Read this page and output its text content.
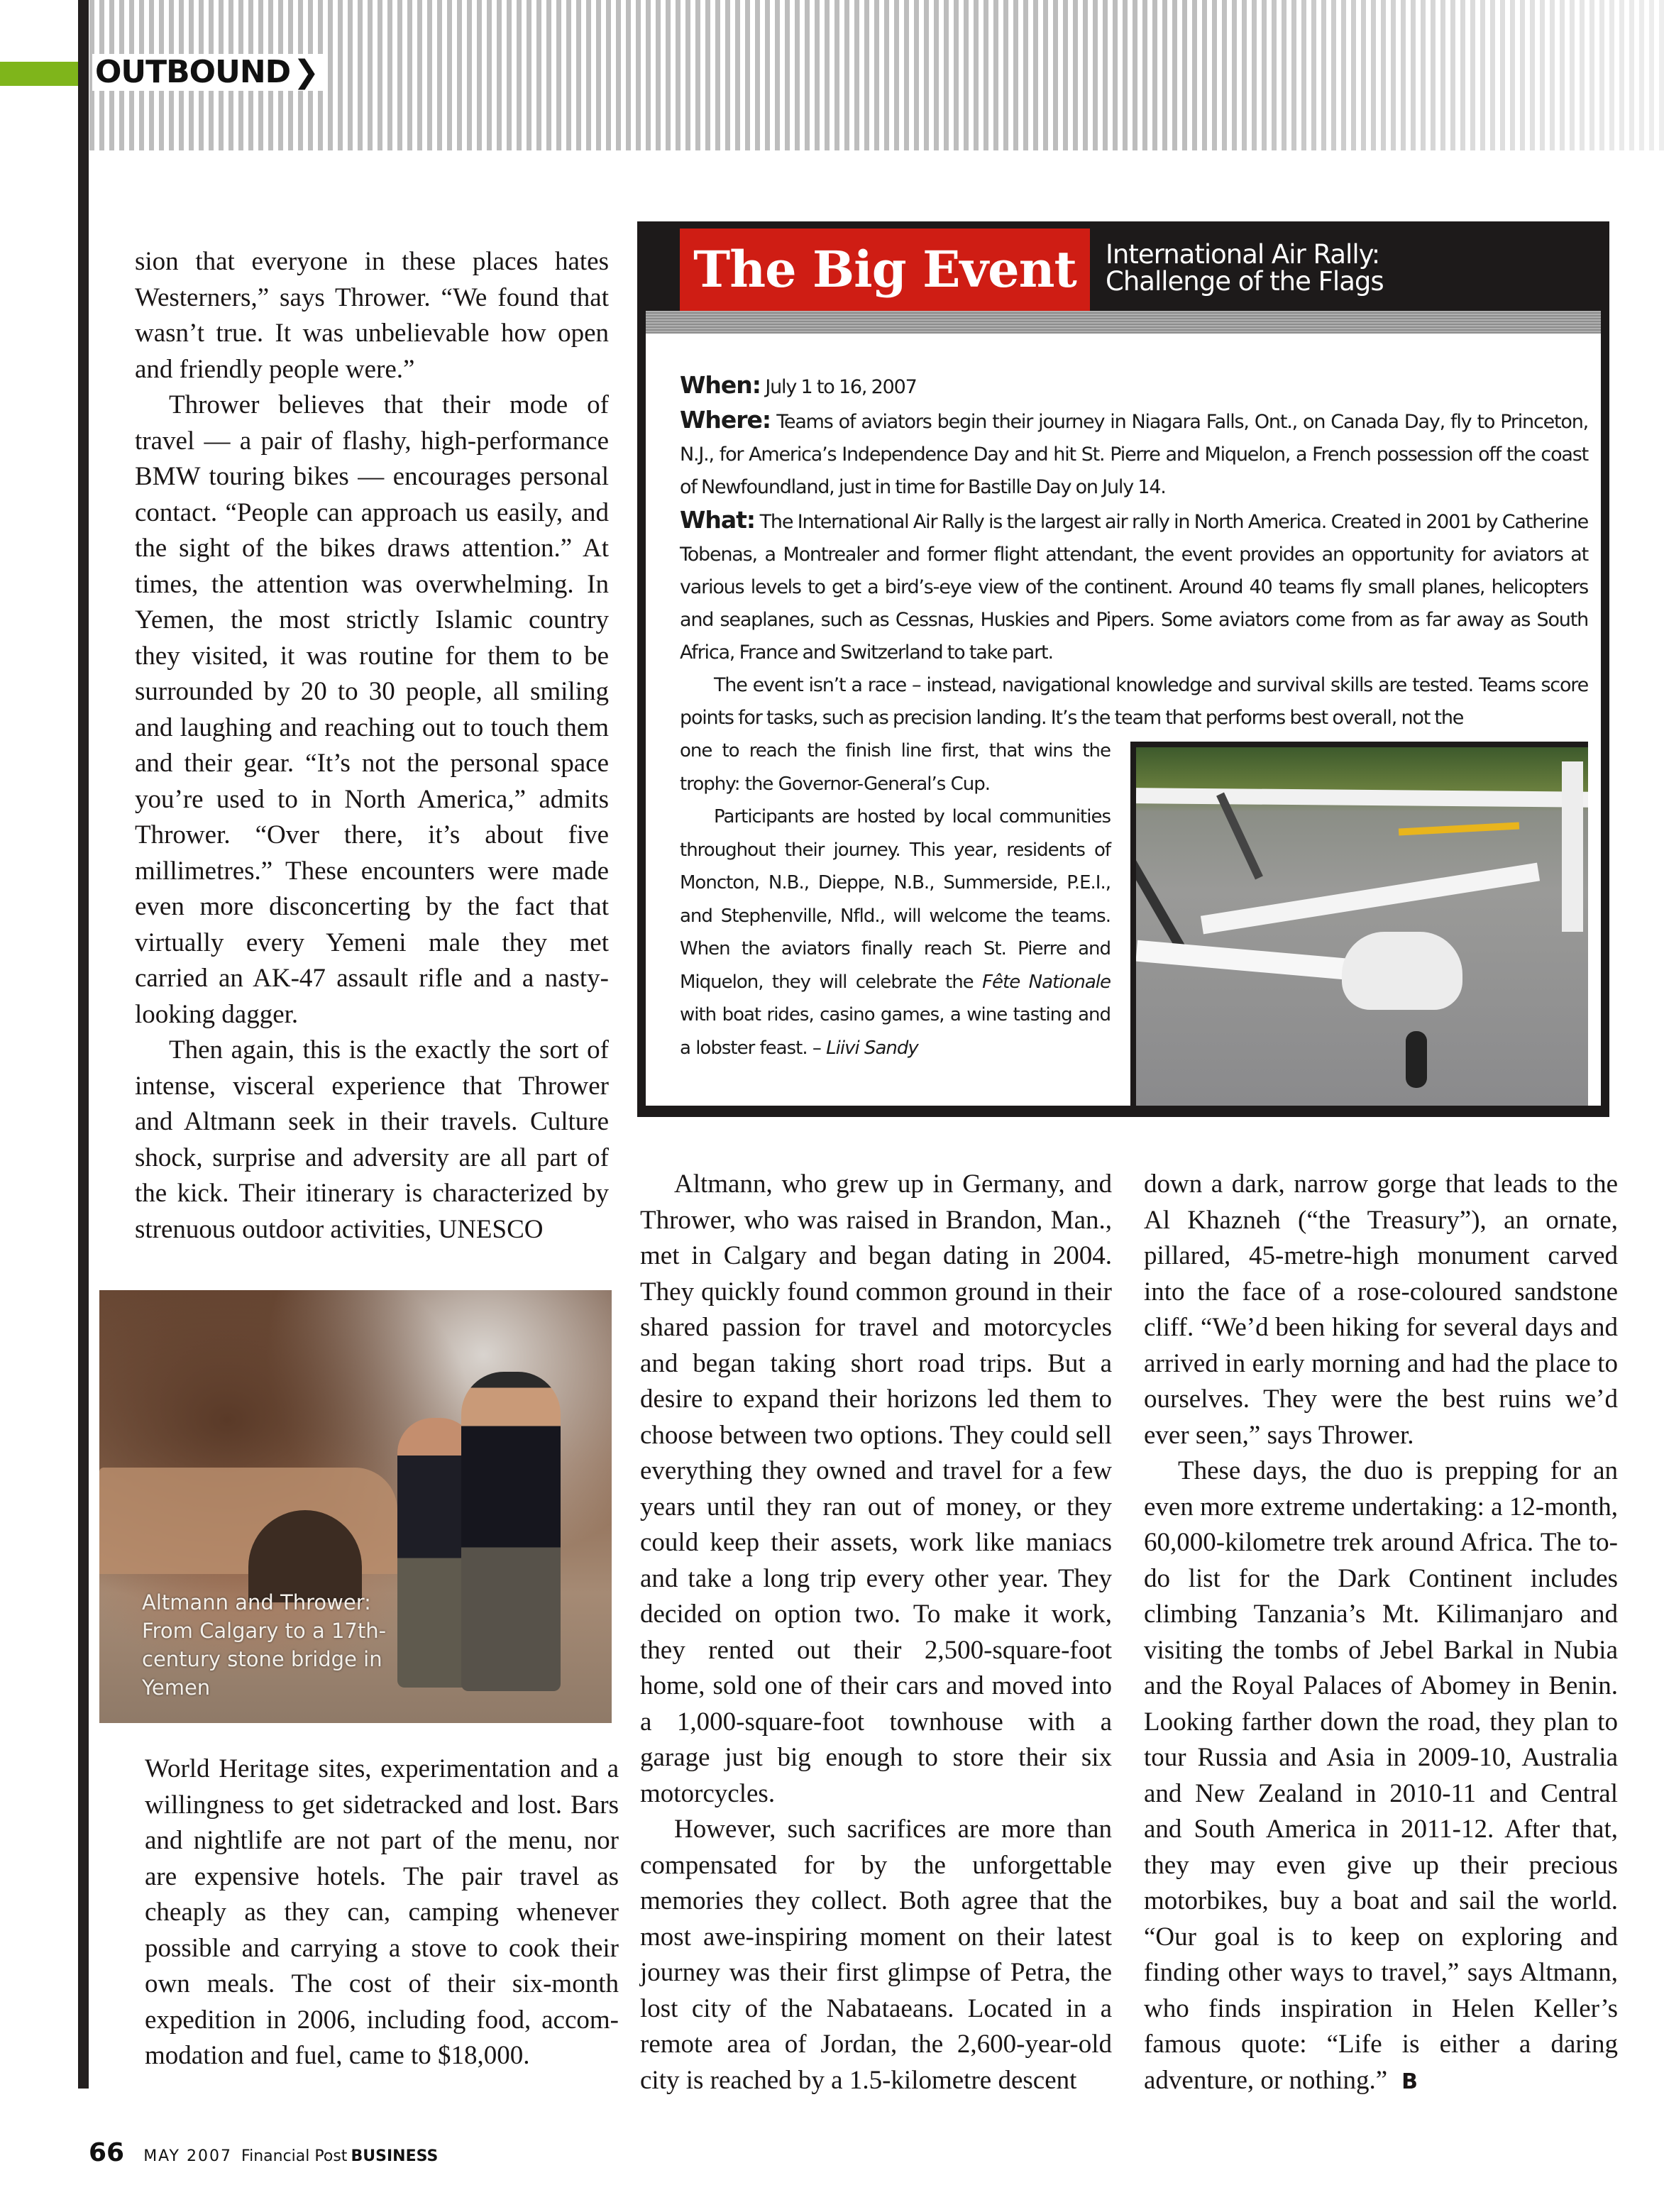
OUTBOUND❯

sion that everyone in these places hates Westerners,” says Thrower. “We found that wasn’t true. It was unbelievable how open and friendly people were.”

Thrower believes that their mode of travel — a pair of flashy, high-performance BMW touring bikes — encourages personal contact. “People can approach us easily, and the sight of the bikes draws attention.” At times, the attention was overwhelming. In Yemen, the most strictly Islamic country they visited, it was routine for them to be surrounded by 20 to 30 people, all smiling and laughing and reaching out to touch them and their gear. “It’s not the personal space you’re used to in North America,” admits Thrower. “Over there, it’s about five millimetres.” These encounters were made even more disconcerting by the fact that virtually every Yemeni male they met carried an AK-47 assault rifle and a nasty-looking dagger.

Then again, this is the exactly the sort of intense, visceral experience that Thrower and Altmann seek in their travels. Culture shock, surprise and adversity are all part of the kick. Their itinerary is characterized by strenuous outdoor activities, UNESCO

Altmann and Thrower: From Calgary to a 17th-century stone bridge in Yemen

World Heritage sites, experimentation and a willingness to get sidetracked and lost. Bars and nightlife are not part of the menu, nor are expensive hotels. The pair travel as cheaply as they can, camping whenever possible and carrying a stove to cook their own meals. The cost of their six-month expedition in 2006, including food, accommodation and fuel, came to $18,000.

The Big Event	International Air Rally:
Challenge of the Flags

When: July 1 to 16, 2007

Where: Teams of aviators begin their journey in Niagara Falls, Ont., on Canada Day, fly to Princeton, N.J., for America’s Independence Day and hit St. Pierre and Miquelon, a French possession off the coast of Newfoundland, just in time for Bastille Day on July 14.

What: The International Air Rally is the largest air rally in North America. Created in 2001 by Catherine Tobenas, a Montrealer and former flight attendant, the event provides an opportunity for aviators at various levels to get a bird’s-eye view of the continent. Around 40 teams fly small planes, helicopters and seaplanes, such as Cessnas, Huskies and Pipers. Some aviators come from as far away as South Africa, France and Switzerland to take part.

The event isn’t a race – instead, navigational knowledge and survival skills are tested. Teams score points for tasks, such as precision landing. It’s the team that performs best overall, not the

one to reach the finish line first, that wins the trophy: the Governor-General’s Cup.

Participants are hosted by local communities throughout their journey. This year, residents of Moncton, N.B., Dieppe, N.B., Summerside, P.E.I., and Stephenville, Nfld., will welcome the teams. When the aviators finally reach St. Pierre and Miquelon, they will celebrate the Fête Nationale with boat rides, casino games, a wine tasting and a lobster feast. – Liivi Sandy

Altmann, who grew up in Germany, and Thrower, who was raised in Brandon, Man., met in Calgary and began dating in 2004. They quickly found common ground in their shared passion for travel and motorcycles and began taking short road trips. But a desire to expand their horizons led them to choose between two options. They could sell everything they owned and travel for a few years until they ran out of money, or they could keep their assets, work like maniacs and take a long trip every other year. They decided on option two. To make it work, they rented out their 2,500-square-foot home, sold one of their cars and moved into a 1,000-square-foot townhouse with a garage just big enough to store their six motorcycles.

However, such sacrifices are more than compensated for by the unforgettable memories they collect. Both agree that the most awe-inspiring moment on their latest journey was their first glimpse of Petra, the lost city of the Nabataeans. Located in a remote area of Jordan, the 2,600-year-old city is reached by a 1.5-kilometre descent

down a dark, narrow gorge that leads to the Al Khazneh (“the Treasury”), an ornate, pillared, 45-metre-high monument carved into the face of a rose-coloured sandstone cliff. “We’d been hiking for several days and arrived in early morning and had the place to ourselves. They were the best ruins we’d ever seen,” says Thrower.

These days, the duo is prepping for an even more extreme undertaking: a 12-month, 60,000-kilometre trek around Africa. The to-do list for the Dark Continent includes climbing Tanzania’s Mt. Kilimanjaro and visiting the tombs of Jebel Barkal in Nubia and the Royal Palaces of Abomey in Benin. Looking farther down the road, they plan to tour Russia and Asia in 2009-10, Australia and New Zealand in 2010-11 and Central and South America in 2011-12. After that, they may even give up their precious motorbikes, buy a boat and sail the world. “Our goal is to keep on exploring and finding other ways to travel,” says Altmann, who finds inspiration in Helen Keller’s famous quote: “Life is either a daring adventure, or nothing.” B

66 MAY 2007 Financial Post BUSINESS
